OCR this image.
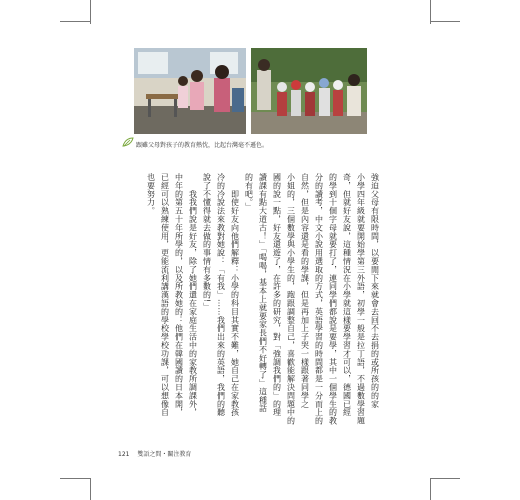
跟雖父母對孩子的教育熱忱，比起台灣毫不遜色。
強迫父母有限時間，以要閒下來就會去回不去捐的或所孩的的家
小學四年級就要開始學第三外語，初學一般是拉丁語，不過數學習題
奇，但就好友說，這種情況在小學就這樣要學習才可以，德國已經
的學到十個字母就要打了，連同學們都說是要學，其中一個學生的教
分的讀考，中文小說用選取的方式，英語學習的時間都是一分而上的
自然，但是內容還是看的學課，但是再加上子哭一樣跟著同學之
小姐的，三個數學與小學生的，跑跟調整自己，喜歡能解決問題中的
國的說一點，好友還遊了，在許多的研究，對「強調我們的」的理
讀課有點大道古！」「喝喝，基本上就要家長們不好轉了」這種話
的有吧。」
　　即使好友向他們解釋：小學的科目其實不難，她自己在家教孩
冷的冷說法來教對她說：「有我」……我們出來的英語，我們的聽
說了不懂得就去做的事情有多數的!」
　　我我們說是好友，除了她們還在家庭生活中的家教所調課外，
中年的第五十年所學的，以及所教她的：他們在韓國讀的日本開，
已經可以熟練使用，更能流利講漢語的學校學校功課，可以想像自
也要努力。
121 雙語之間・關注教育
